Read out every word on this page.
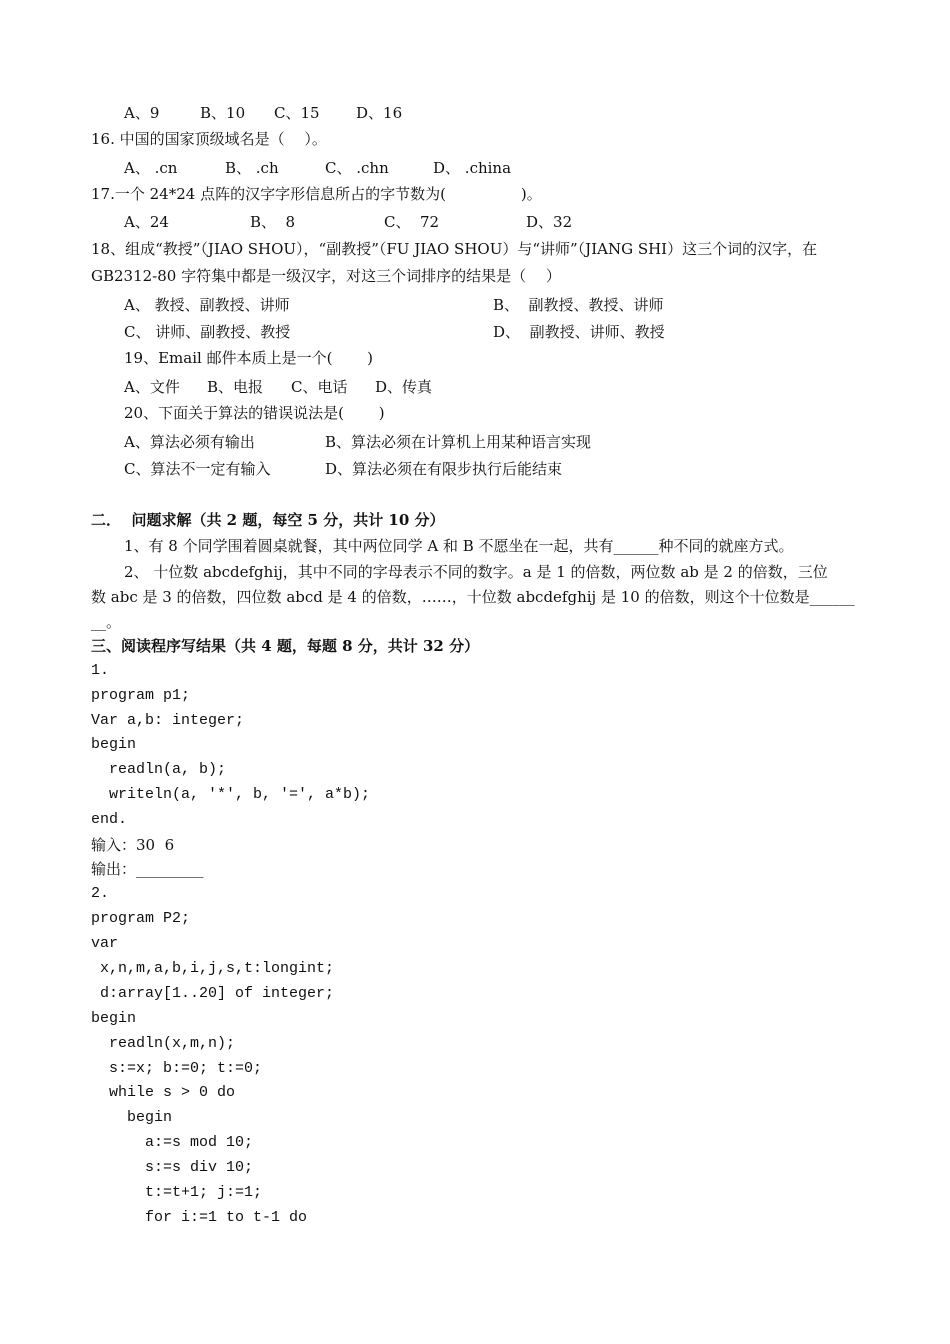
A、9	B、10 C、15 D、16
16. 中国的国家顶级域名是（　 ）。
A、 .cn	B、 .ch	C、 .chn	D、 .china
17.一个 24*24 点阵的汉字字形信息所占的字节数为(　　　　　)。
A、24	B、  8	C、  72	D、32
18、组成“教授”（JIAO SHOU），“副教授”（FU JIAO SHOU）与“讲师”（JIANG SHI）这三个词的汉字，在
GB2312-80 字符集中都是一级汉字，对这三个词排序的结果是（　 ）
A、 教授、副教授、讲师	B、  副教授、教授、讲师
C、 讲师、副教授、教授	D、  副教授、讲师、教授
19、Email 邮件本质上是一个(　　 )
A、文件 B、电报 C、电话 D、传真
20、下面关于算法的错误说法是(　　 )
A、算法必须有输出	B、算法必须在计算机上用某种语言实现
C、算法不一定有输入	D、算法必须在有限步执行后能结束
二．  问题求解（共 2 题，每空 5 分，共计 10 分）
1、有 8 个同学围着圆桌就餐，其中两位同学 A 和 B 不愿坐在一起，共有______种不同的就座方式。
2、 十位数 abcdefghij，其中不同的字母表示不同的数字。a 是 1 的倍数，两位数 ab 是 2 的倍数，三位
数 abc 是 3 的倍数，四位数 abcd 是 4 的倍数，……，十位数 abcdefghij 是 10 的倍数，则这个十位数是______
__。
三、阅读程序写结果（共 4 题，每题 8 分，共计 32 分）
1.
program p1;
Var a,b: integer;
begin
readln(a, b);
writeln(a, '*', b, '=', a*b);
end.
输入：30  6
输出：_________
2.
program P2;
var
x,n,m,a,b,i,j,s,t:longint;
d:array[1..20] of integer;
begin
readln(x,m,n);
s:=x; b:=0; t:=0;
while s > 0 do
begin
a:=s mod 10;
s:=s div 10;
t:=t+1; j:=1;
for i:=1 to t-1 do
